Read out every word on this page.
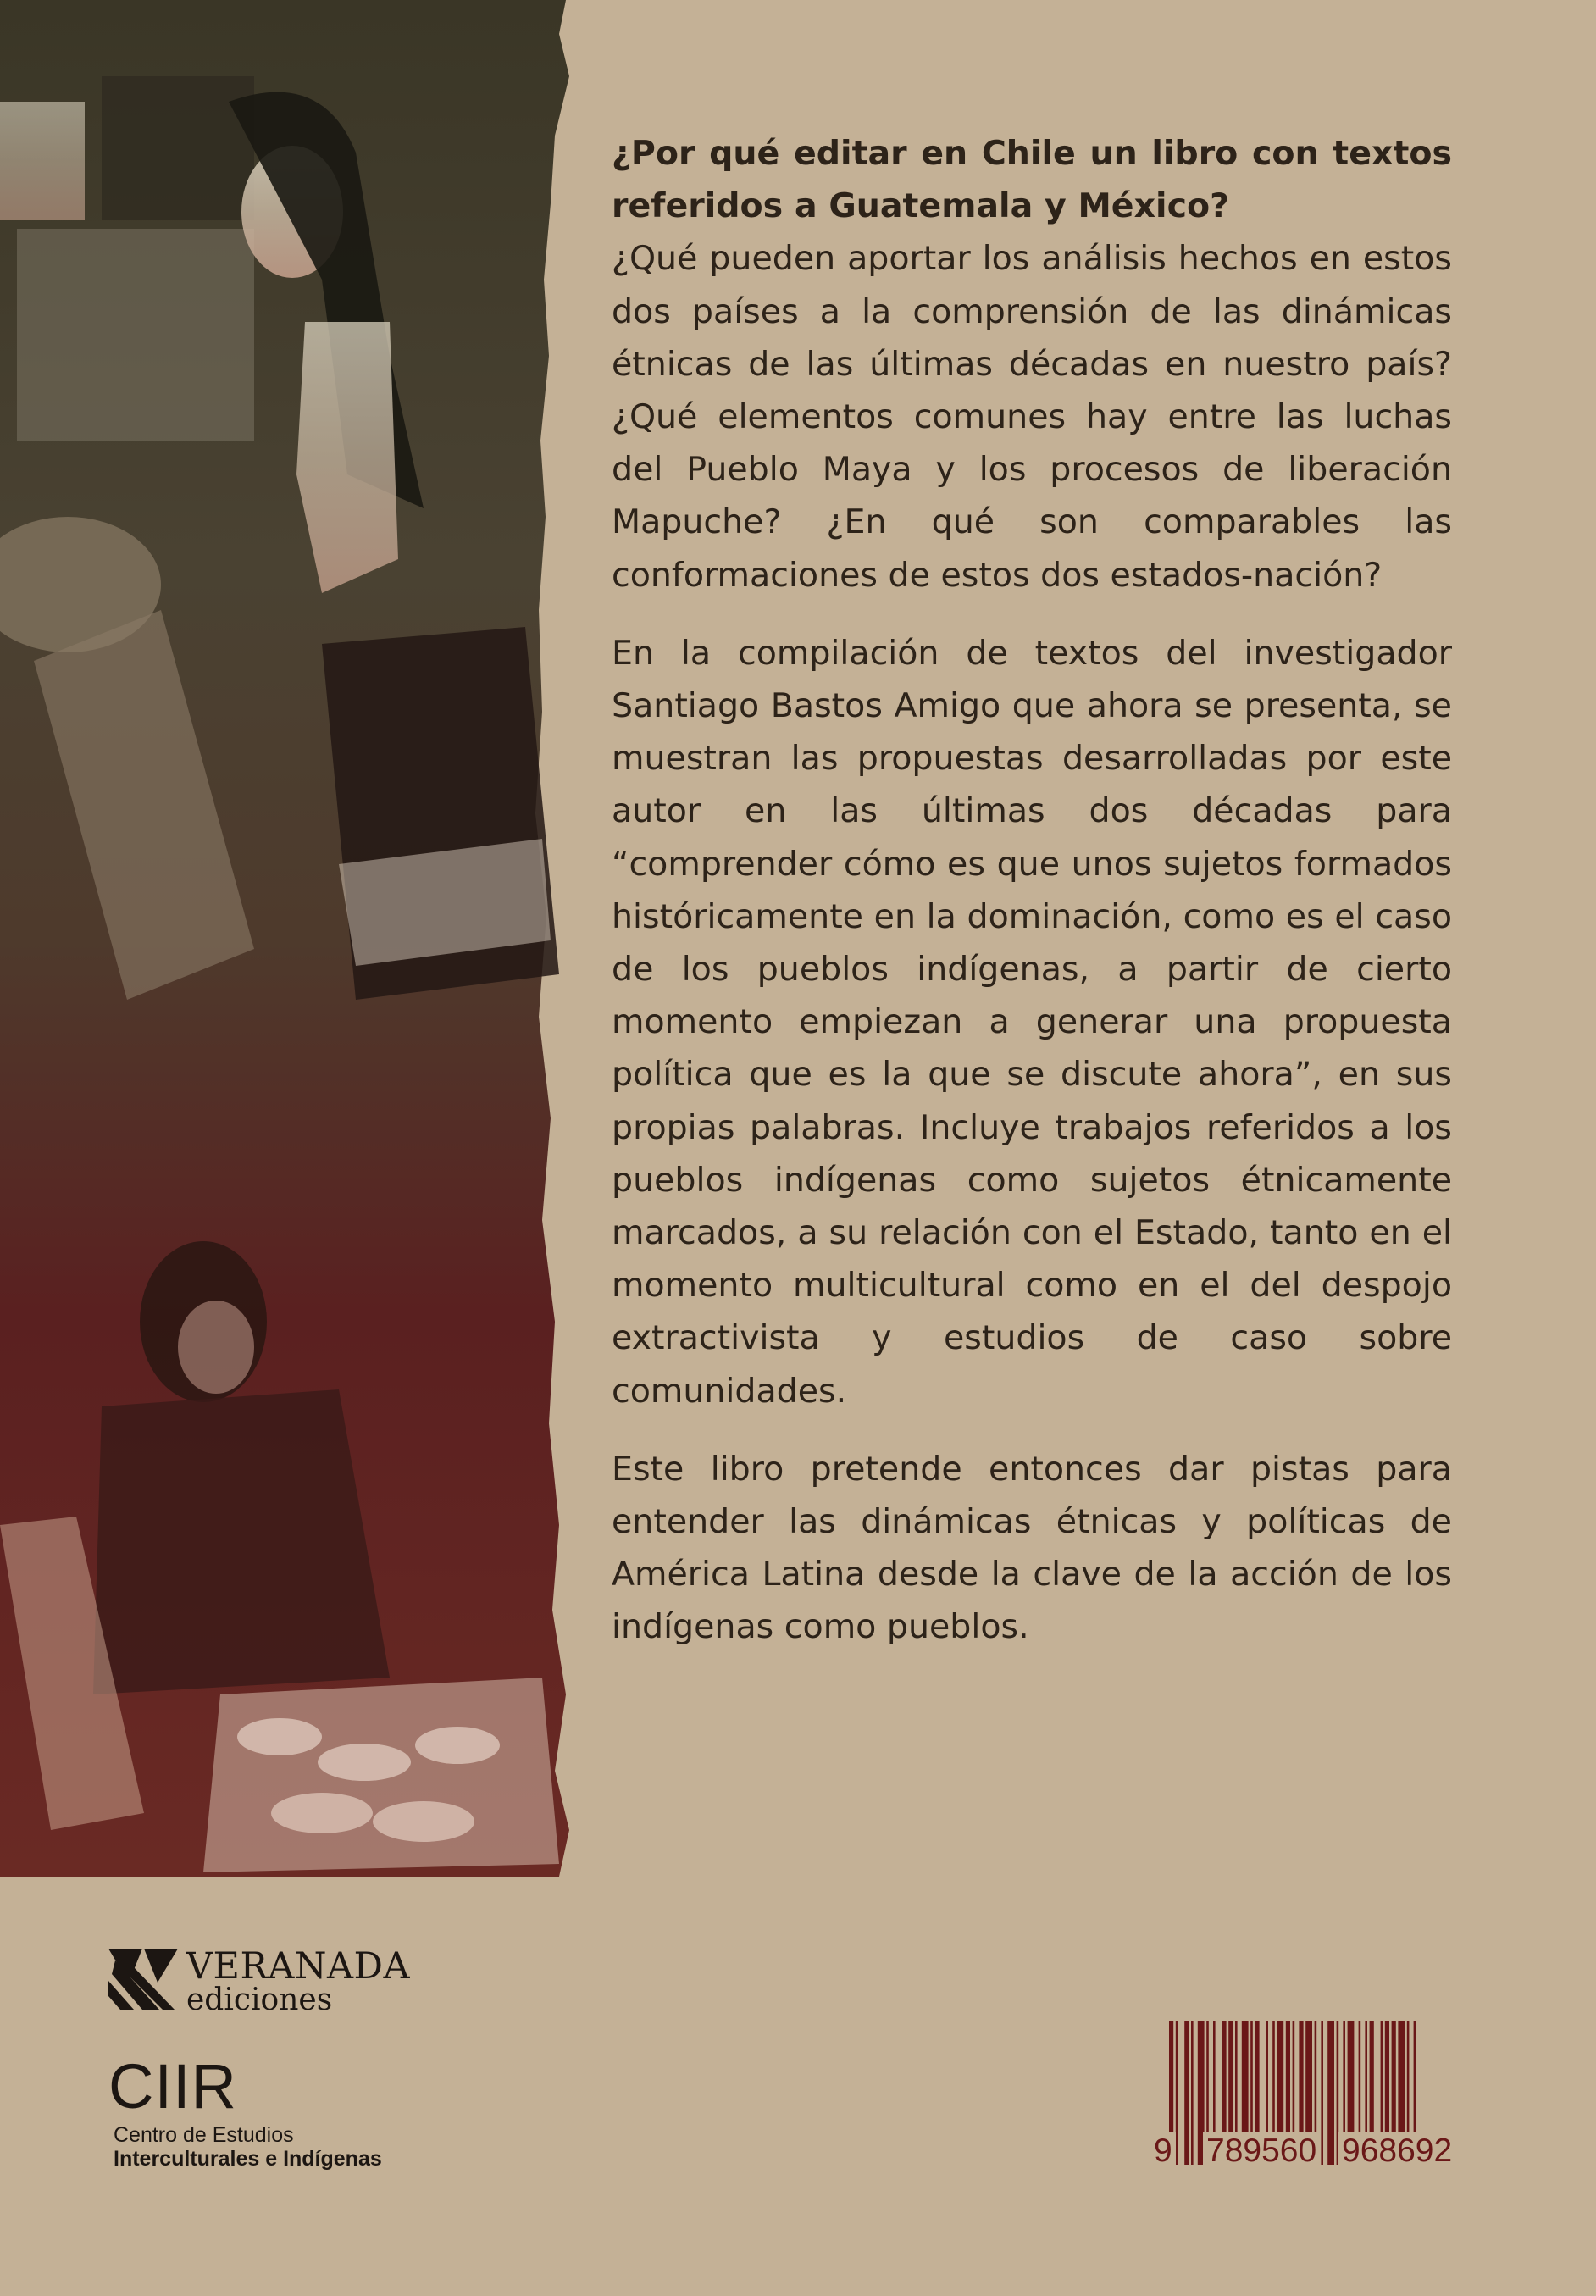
¿Por qué editar en Chile un libro con textos referidos a Guatemala y México?
¿Qué pueden aportar los análisis hechos en estos dos países a la comprensión de las dinámicas étnicas de las últimas décadas en nuestro país? ¿Qué elementos comunes hay entre las luchas del Pueblo Maya y los procesos de liberación Mapuche? ¿En qué son comparables las conformaciones de estos dos estados-nación?

En la compilación de textos del investigador Santiago Bastos Amigo que ahora se presenta, se muestran las propuestas desarrolladas por este autor en las últimas dos décadas para “comprender cómo es que unos sujetos formados históricamente en la dominación, como es el caso de los pueblos indígenas, a partir de cierto momento empiezan a generar una propuesta política que es la que se discute ahora”, en sus propias palabras. Incluye trabajos referidos a los pueblos indígenas como sujetos étnicamente marcados, a su relación con el Estado, tanto en el momento multicultural como en el del despojo extractivista y estudios de caso sobre comunidades.

Este libro pretende entonces dar pistas para entender las dinámicas étnicas y políticas de América Latina desde la clave de la acción de los indígenas como pueblos.

VERANADA
ediciones
CIIR
Centro de Estudios
Interculturales e Indígenas	9 789560 968692
